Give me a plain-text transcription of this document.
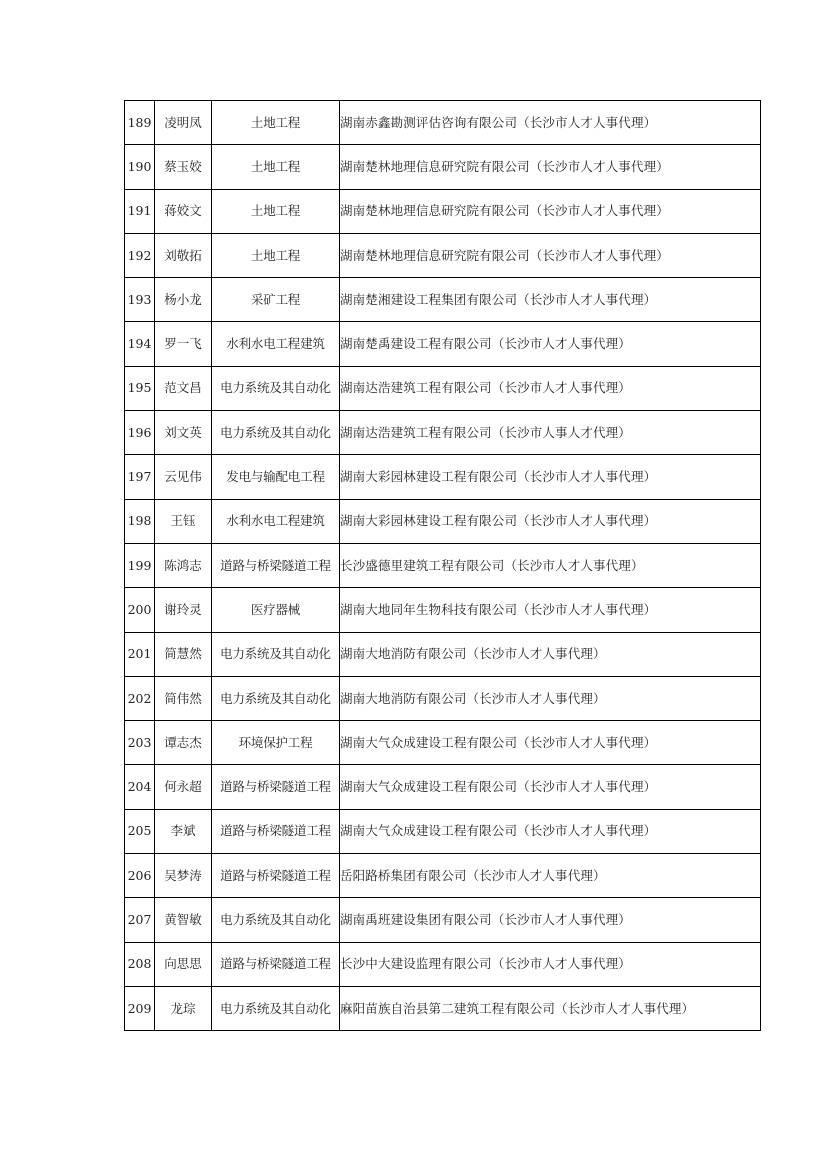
189	凌明凤	土地工程	湖南赤鑫勘测评估咨询有限公司（长沙市人才人事代理）
190	蔡玉姣	土地工程	湖南楚林地理信息研究院有限公司（长沙市人才人事代理）
191	蒋姣文	土地工程	湖南楚林地理信息研究院有限公司（长沙市人才人事代理）
192	刘敬拓	土地工程	湖南楚林地理信息研究院有限公司（长沙市人才人事代理）
193	杨小龙	采矿工程	湖南楚湘建设工程集团有限公司（长沙市人才人事代理）
194	罗一飞	水利水电工程建筑	湖南楚禹建设工程有限公司（长沙市人才人事代理）
195	范文昌	电力系统及其自动化	湖南达浩建筑工程有限公司（长沙市人才人事代理）
196	刘文英	电力系统及其自动化	湖南达浩建筑工程有限公司（长沙市人事人才代理）
197	云见伟	发电与输配电工程	湖南大彩园林建设工程有限公司（长沙市人才人事代理）
198	王钰	水利水电工程建筑	湖南大彩园林建设工程有限公司（长沙市人才人事代理）
199	陈鸿志	道路与桥梁隧道工程	长沙盛德里建筑工程有限公司（长沙市人才人事代理）
200	谢玲灵	医疗器械	湖南大地同年生物科技有限公司（长沙市人才人事代理）
201	简慧然	电力系统及其自动化	湖南大地消防有限公司（长沙市人才人事代理）
202	简伟然	电力系统及其自动化	湖南大地消防有限公司（长沙市人才人事代理）
203	谭志杰	环境保护工程	湖南大气众成建设工程有限公司（长沙市人才人事代理）
204	何永超	道路与桥梁隧道工程	湖南大气众成建设工程有限公司（长沙市人才人事代理）
205	李斌	道路与桥梁隧道工程	湖南大气众成建设工程有限公司（长沙市人才人事代理）
206	吴梦涛	道路与桥梁隧道工程	岳阳路桥集团有限公司（长沙市人才人事代理）
207	黄智敏	电力系统及其自动化	湖南禹班建设集团有限公司（长沙市人才人事代理）
208	向思思	道路与桥梁隧道工程	长沙中大建设监理有限公司（长沙市人才人事代理）
209	龙琮	电力系统及其自动化	麻阳苗族自治县第二建筑工程有限公司（长沙市人才人事代理）
